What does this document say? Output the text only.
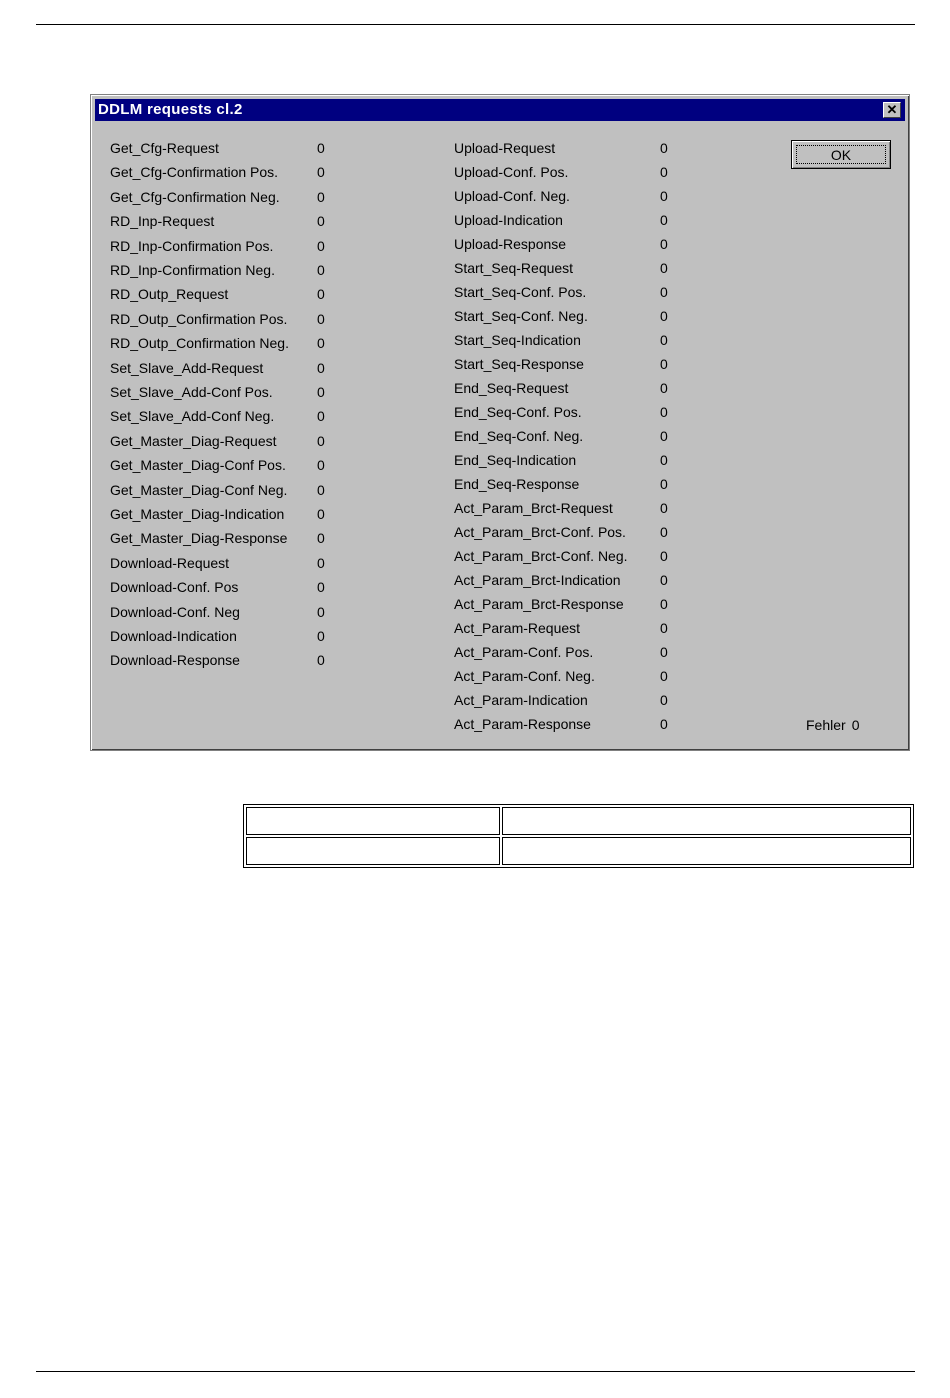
DDLM requests cl.2	✕
Get_Cfg-Request	0
Get_Cfg-Confirmation Pos.	0
Get_Cfg-Confirmation Neg.	0
RD_Inp-Request	0
RD_Inp-Confirmation Pos.	0
RD_Inp-Confirmation Neg.	0
RD_Outp_Request	0
RD_Outp_Confirmation Pos. 0
RD_Outp_Confirmation Neg. 0
Set_Slave_Add-Request	0
Set_Slave_Add-Conf Pos.	0
Set_Slave_Add-Conf Neg.	0
Get_Master_Diag-Request	0
Get_Master_Diag-Conf Pos. 0
Get_Master_Diag-Conf Neg. 0
Get_Master_Diag-Indication 0
Get_Master_Diag-Response 0
Download-Request	0
Download-Conf. Pos	0
Download-Conf. Neg	0
Download-Indication	0
Download-Response	0
Upload-Request	0
Upload-Conf. Pos.	0
Upload-Conf. Neg.	0
Upload-Indication	0
Upload-Response	0
Start_Seq-Request	0
Start_Seq-Conf. Pos.	0
Start_Seq-Conf. Neg.	0
Start_Seq-Indication	0
Start_Seq-Response	0
End_Seq-Request	0
End_Seq-Conf. Pos.	0
End_Seq-Conf. Neg.	0
End_Seq-Indication	0
End_Seq-Response	0
Act_Param_Brct-Request	0
Act_Param_Brct-Conf. Pos. 0
Act_Param_Brct-Conf. Neg. 0
Act_Param_Brct-Indication	0
Act_Param_Brct-Response	0
Act_Param-Request	0
Act_Param-Conf. Pos.	0
Act_Param-Conf. Neg.	0
Act_Param-Indication	0
Act_Param-Response	0
OK
Fehler 0
